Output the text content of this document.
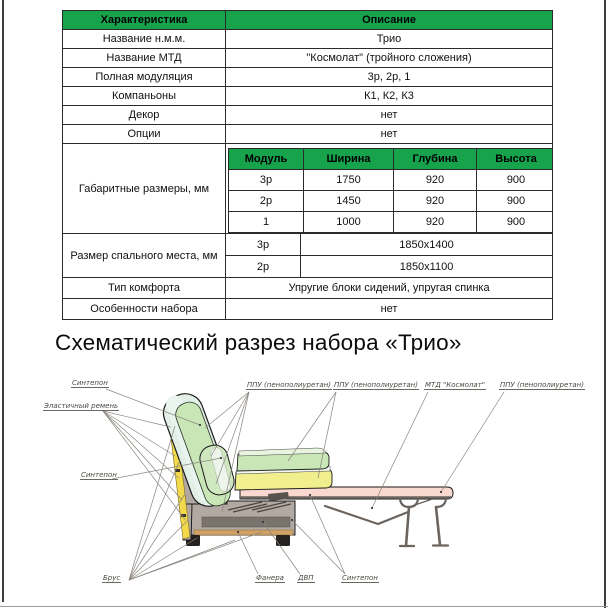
Характеристика	Описание
Название н.м.м.	Трио
Название МТД	"Космолат" (тройного сложения)
Полная модуляция	3р, 2р, 1
Компаньоны	К1, К2, К3
Декор	нет
Опции	нет
Габаритные размеры, мм	
Модуль	Ширина	Глубина	Высота
3р	1750	920	900
2р	1450	920	900
1	1000	920	900

Размер спального места, мм	3р	1850х1400
2р	1850х1100
Тип комфорта	Упругие блоки сидений, упругая спинка
Особенности набора	нет
Схематический разрез набора «Трио»
Синтепон
Эластичный ремень
Синтепон
ППУ (пенополиуретан) ППУ (пенополиуретан) МТД "Космолат" ППУ (пенополиуретан)
Брус	Фанера ДВП	Синтепон
